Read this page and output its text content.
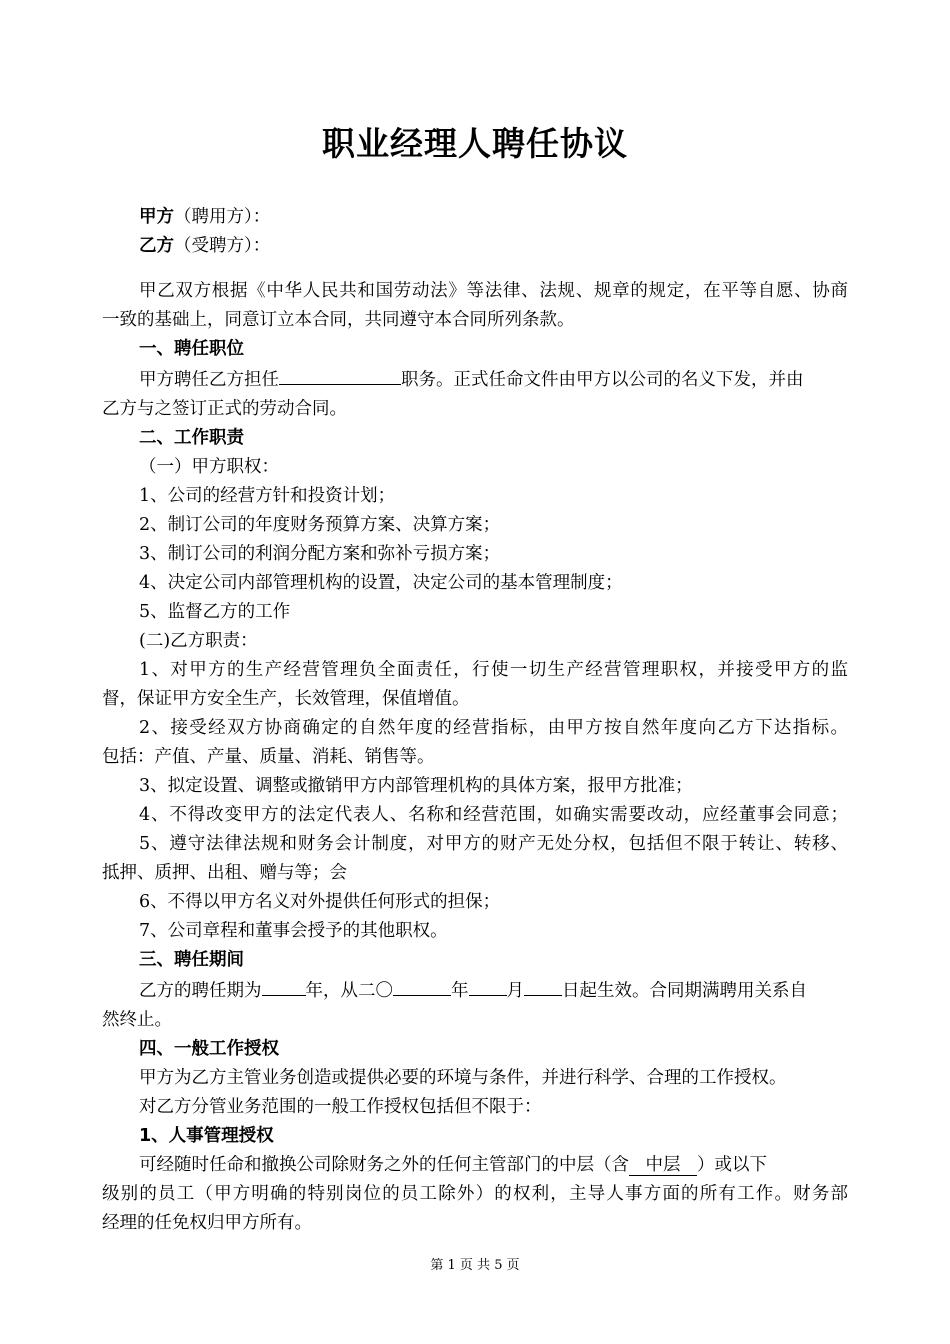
职业经理人聘任协议

甲方（聘用方）：

乙方（受聘方）：

甲乙双方根据《中华人民共和国劳动法》等法律、法规、规章的规定，在平等自愿、协商

一致的基础上，同意订立本合同，共同遵守本合同所列条款。

一、聘任职位

甲方聘任乙方担任	职务。正式任命文件由甲方以公司的名义下发，并由

乙方与之签订正式的劳动合同。

二、工作职责

（一）甲方职权：

1、公司的经营方针和投资计划；

2、制订公司的年度财务预算方案、决算方案；

3、制订公司的利润分配方案和弥补亏损方案；

4、决定公司内部管理机构的设置，决定公司的基本管理制度；

5、监督乙方的工作

(二)乙方职责：

1、对甲方的生产经营管理负全面责任，行使一切生产经营管理职权，并接受甲方的监

督，保证甲方安全生产，长效管理，保值增值。

2、接受经双方协商确定的自然年度的经营指标，由甲方按自然年度向乙方下达指标。

包括：产值、产量、质量、消耗、销售等。

3、拟定设置、调整或撤销甲方内部管理机构的具体方案，报甲方批准；

4、不得改变甲方的法定代表人、名称和经营范围，如确实需要改动，应经董事会同意；

5、遵守法律法规和财务会计制度，对甲方的财产无处分权，包括但不限于转让、转移、

抵押、质押、出租、赠与等；会

6、不得以甲方名义对外提供任何形式的担保；

7、公司章程和董事会授予的其他职权。

三、聘任期间

乙方的聘任期为	年，从二〇	年 月 日起生效。合同期满聘用关系自

然终止。

四、一般工作授权

甲方为乙方主管业务创造或提供必要的环境与条件，并进行科学、合理的工作授权。

对乙方分管业务范围的一般工作授权包括但不限于：

1、人事管理授权

可经随时任命和撤换公司除财务之外的任何主管部门的中层（含 中层 ）或以下

级别的员工（甲方明确的特别岗位的员工除外）的权利，主导人事方面的所有工作。财务部

经理的任免权归甲方所有。

第 1 页 共 5 页
